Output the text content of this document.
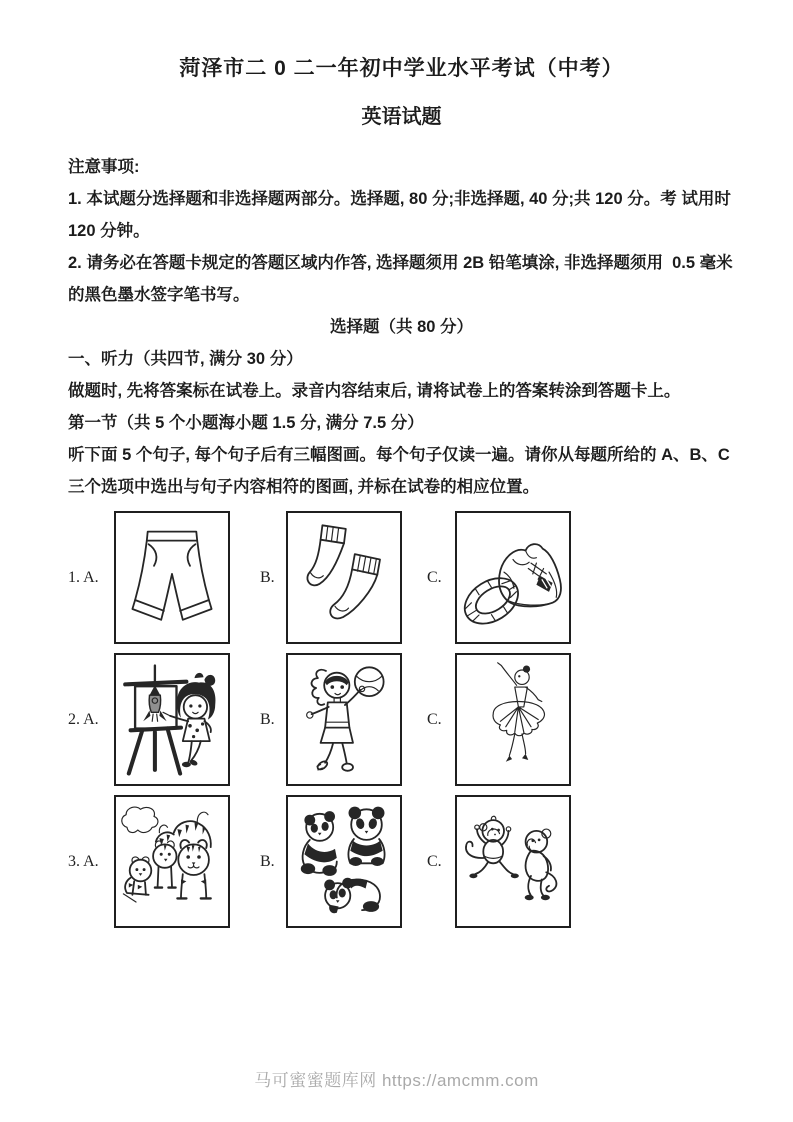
菏泽市二 0 二一年初中学业水平考试（中考）
英语试题
注意事项:
1. 本试题分选择题和非选择题两部分。选择题, 80 分;非选择题, 40 分;共 120 分。考 试用时
120 分钟。
2. 请务必在答题卡规定的答题区域内作答, 选择题须用 2B 铅笔填涂, 非选择题须用  0.5 毫米
的黑色墨水签字笔书写。
选择题（共 80 分）
一、听力（共四节, 满分 30 分）
做题时, 先将答案标在试卷上。录音内容结束后, 请将试卷上的答案转涂到答题卡上。
第一节（共 5 个小题海小题 1.5 分, 满分 7.5 分）
听下面 5 个句子, 每个句子后有三幅图画。每个句子仅读一遍。请你从每题所给的 A、B、C
三个选项中选出与句子内容相符的图画, 并标在试卷的相应位置。
1. A.	B.	C.
2. A.	B.	C.
3. A.	B.	C.
马可蜜蜜题库网 https://amcmm.com
